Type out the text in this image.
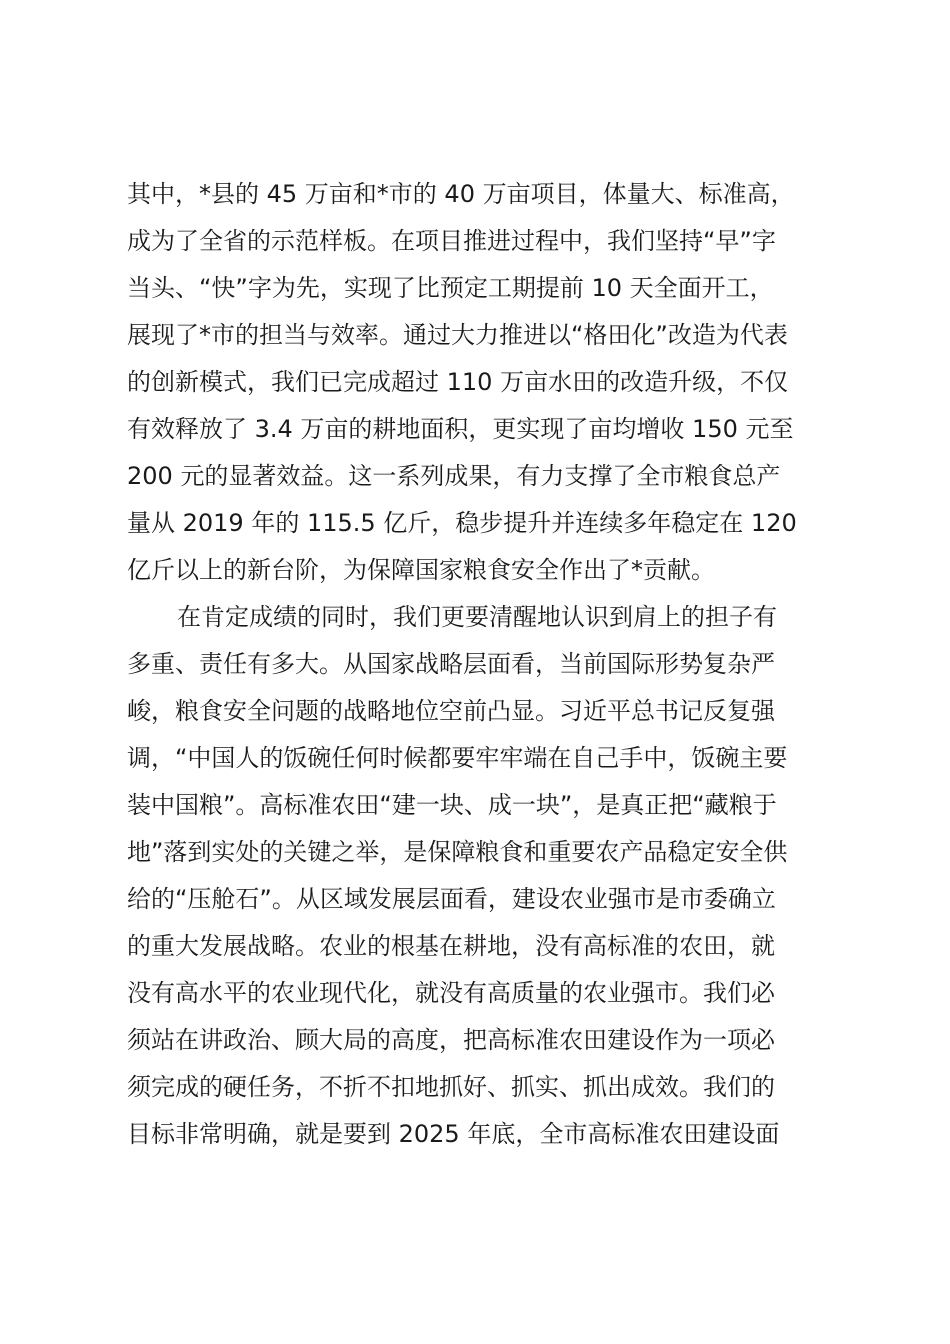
其中，*县的 45 万亩和*市的 40 万亩项目，体量大、标准高，
成为了全省的示范样板。在项目推进过程中，我们坚持“早”字
当头、“快”字为先，实现了比预定工期提前 10 天全面开工，
展现了*市的担当与效率。通过大力推进以“格田化”改造为代表
的创新模式，我们已完成超过 110 万亩水田的改造升级，不仅
有效释放了 3.4 万亩的耕地面积，更实现了亩均增收 150 元至
200 元的显著效益。这一系列成果，有力支撑了全市粮食总产
量从 2019 年的 115.5 亿斤，稳步提升并连续多年稳定在 120
亿斤以上的新台阶，为保障国家粮食安全作出了*贡献。
在肯定成绩的同时，我们更要清醒地认识到肩上的担子有
多重、责任有多大。从国家战略层面看，当前国际形势复杂严
峻，粮食安全问题的战略地位空前凸显。习近平总书记反复强
调，“中国人的饭碗任何时候都要牢牢端在自己手中，饭碗主要
装中国粮”。高标准农田“建一块、成一块”，是真正把“藏粮于
地”落到实处的关键之举，是保障粮食和重要农产品稳定安全供
给的“压舱石”。从区域发展层面看，建设农业强市是市委确立
的重大发展战略。农业的根基在耕地，没有高标准的农田，就
没有高水平的农业现代化，就没有高质量的农业强市。我们必
须站在讲政治、顾大局的高度，把高标准农田建设作为一项必
须完成的硬任务，不折不扣地抓好、抓实、抓出成效。我们的
目标非常明确，就是要到 2025 年底，全市高标准农田建设面
